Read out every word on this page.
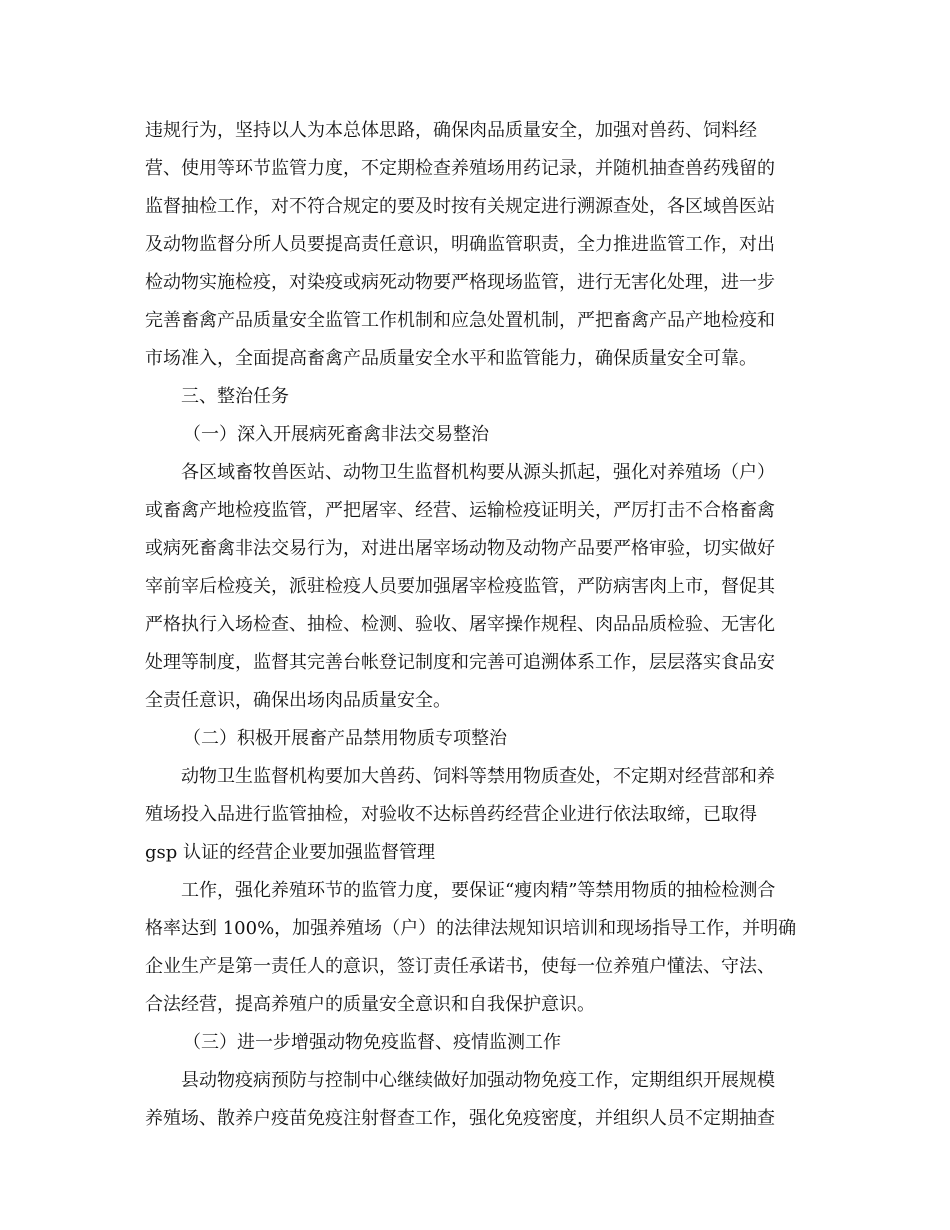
违规行为，坚持以人为本总体思路，确保肉品质量安全，加强对兽药、饲料经
营、使用等环节监管力度，不定期检查养殖场用药记录，并随机抽查兽药残留的
监督抽检工作，对不符合规定的要及时按有关规定进行溯源查处，各区域兽医站
及动物监督分所人员要提高责任意识，明确监管职责，全力推进监管工作，对出
检动物实施检疫，对染疫或病死动物要严格现场监管，进行无害化处理，进一步
完善畜禽产品质量安全监管工作机制和应急处置机制，严把畜禽产品产地检疫和
市场准入，全面提高畜禽产品质量安全水平和监管能力，确保质量安全可靠。
三、整治任务
（一）深入开展病死畜禽非法交易整治
各区域畜牧兽医站、动物卫生监督机构要从源头抓起，强化对养殖场（户）
或畜禽产地检疫监管，严把屠宰、经营、运输检疫证明关，严厉打击不合格畜禽
或病死畜禽非法交易行为，对进出屠宰场动物及动物产品要严格审验，切实做好
宰前宰后检疫关，派驻检疫人员要加强屠宰检疫监管，严防病害肉上市，督促其
严格执行入场检查、抽检、检测、验收、屠宰操作规程、肉品品质检验、无害化
处理等制度，监督其完善台帐登记制度和完善可追溯体系工作，层层落实食品安
全责任意识，确保出场肉品质量安全。
（二）积极开展畜产品禁用物质专项整治
动物卫生监督机构要加大兽药、饲料等禁用物质查处，不定期对经营部和养
殖场投入品进行监管抽检，对验收不达标兽药经营企业进行依法取缔，已取得
gsp 认证的经营企业要加强监督管理
工作，强化养殖环节的监管力度，要保证“瘦肉精”等禁用物质的抽检检测合
格率达到 100%，加强养殖场（户）的法律法规知识培训和现场指导工作，并明确
企业生产是第一责任人的意识，签订责任承诺书，使每一位养殖户懂法、守法、
合法经营，提高养殖户的质量安全意识和自我保护意识。
（三）进一步增强动物免疫监督、疫情监测工作
县动物疫病预防与控制中心继续做好加强动物免疫工作，定期组织开展规模
养殖场、散养户疫苗免疫注射督查工作，强化免疫密度，并组织人员不定期抽查
